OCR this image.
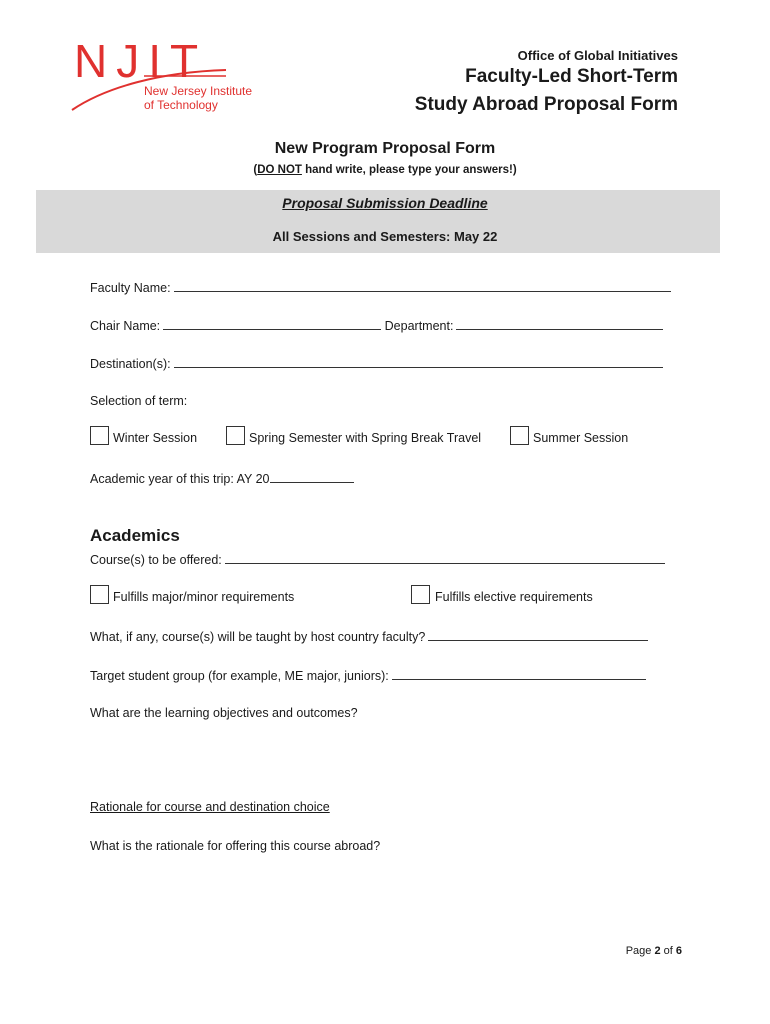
NJIT
New Jersey Institute
of Technology
Office of Global Initiatives
Faculty-Led Short-Term
Study Abroad Proposal Form
New Program Proposal Form
(DO NOT hand write, please type your answers!)
Proposal Submission Deadline
All Sessions and Semesters: May 22
Faculty Name:
Chair Name:	Department:
Destination(s):
Selection of term:
Winter Session	Spring Semester with Spring Break Travel	Summer Session
Academic year of this trip: AY 20
Academics
Course(s) to be offered:
Fulfills major/minor requirements	Fulfills elective requirements
What, if any, course(s) will be taught by host country faculty?
Target student group (for example, ME major, juniors):
What are the learning objectives and outcomes?
Rationale for course and destination choice
What is the rationale for offering this course abroad?
Page 2 of 6
